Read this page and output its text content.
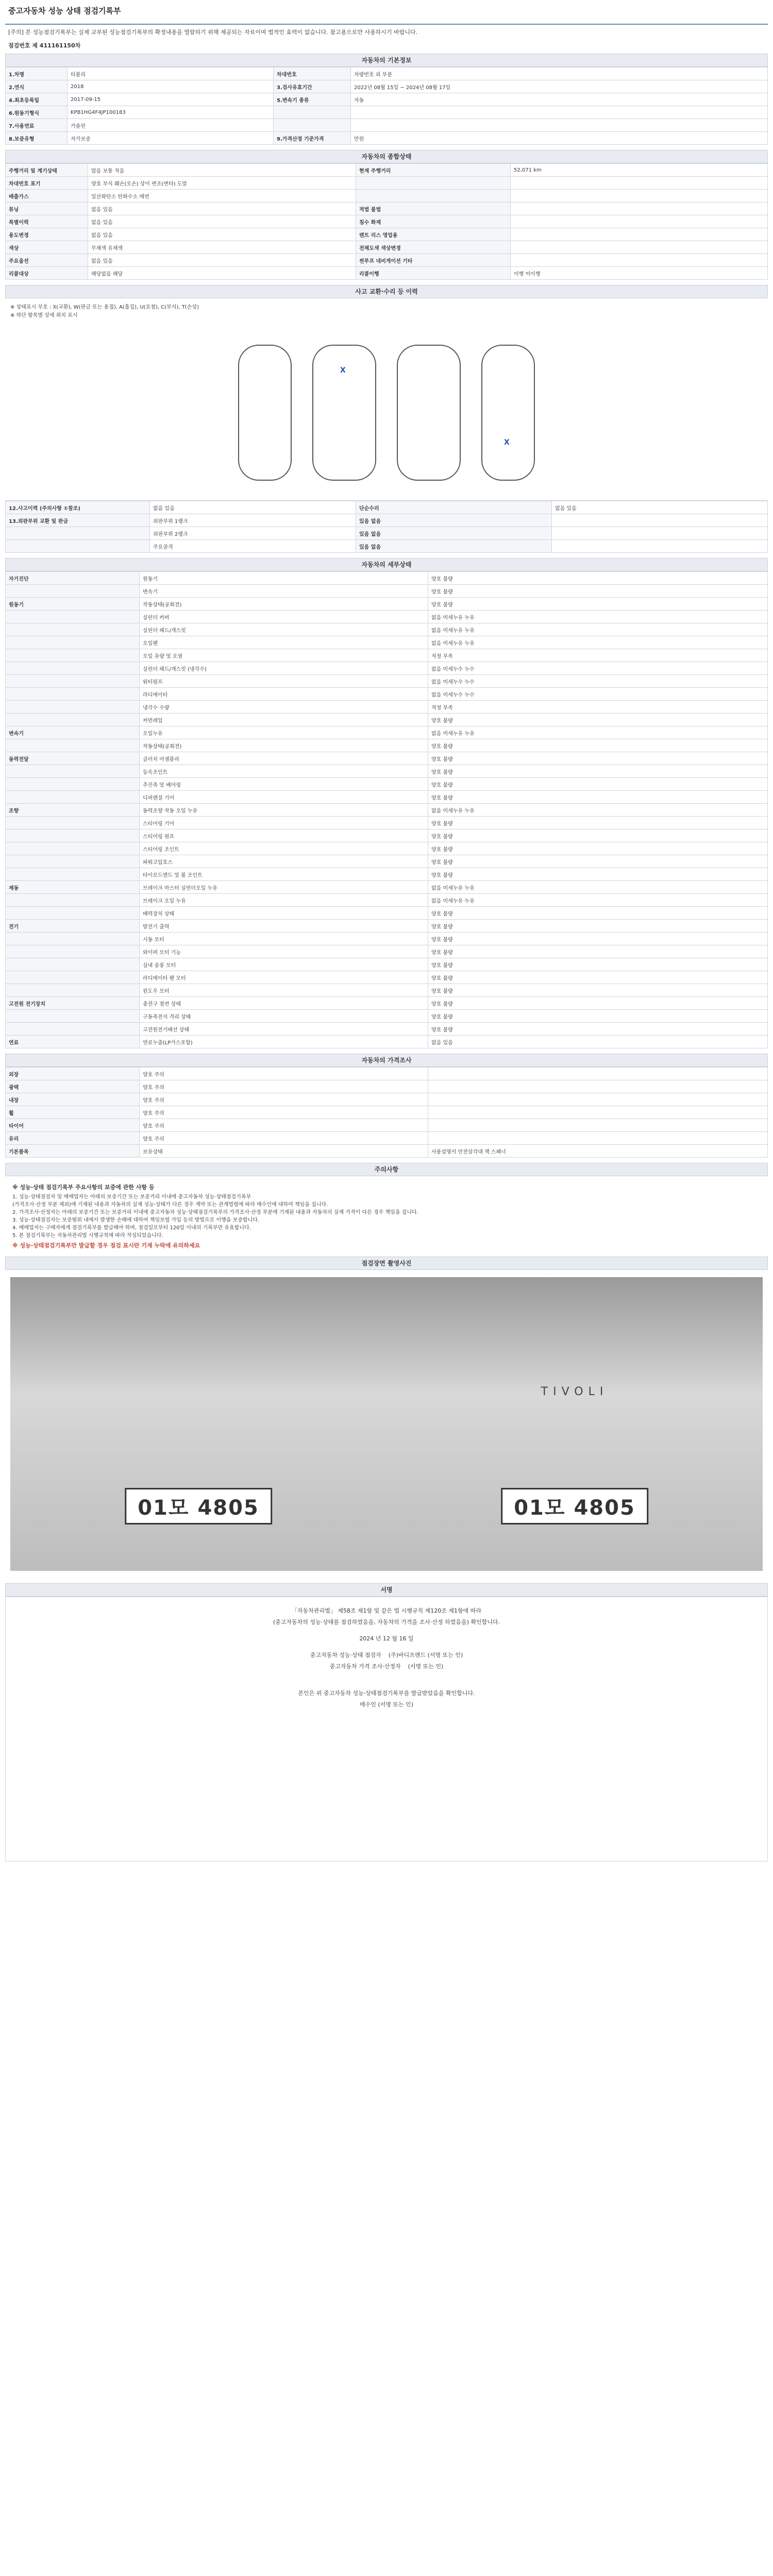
중고자동차 성능 상태 점검기록부
[주의] 본 성능점검기록부는 실제 교부된 성능점검기록부의 확정내용을 열람하기 위해 제공되는 자료이며 법적인 효력이 없습니다. 참고용으로만 사용하시기 바랍니다.
점검번호 제 411161150차
자동차의 기본정보
1.차명	티볼리	차대번호	차량번호 외 부분
2.연식	2018	3.검사유효기간	2022년 08월 15일 ~ 2024년 08월 17일
4.최초등록일	2017-09-15	5.변속기 종류	자동
6.원동기형식	KPB1HG4F4JP100183		
7.사용연료	가솔린		
8.보증유형	자가보증	9.가격산정 기준가격	만원
자동차의 종합상태
주행거리 및 계기상태	많음 보통 적음	현재 주행거리	52,071 km
차대번호 표기	양호 부식 훼손(오손) 상이 변조(변타) 도말		
배출가스	일산화탄소 탄화수소 매연		
튜닝	없음 있음	적법 불법	
특별이력	없음 있음	침수 화재	
용도변경	없음 있음	렌트 리스 영업용	
색상	무채색 유채색	전체도색 색상변경	
주요옵션	없음 있음	썬루프 네비게이션 기타	
리콜대상	해당없음 해당	리콜이행	이행 미이행
사고 교환·수리 등 이력
※ 상태표시 부호 : X(교환), W(판금 또는 용접), A(흠집), U(요철), C(부식), T(손상)
※ 하단 항목별 상세 위치 표시
X
X
12.사고이력 (주의사항 ①참조)	없음 있음	단순수리	없음 있음
13.외판부위 교환 및 판금	외판부위 1랭크	있음 없음	
	외판부위 2랭크	있음 없음	
	주요골격	있음 없음	
자동차의 세부상태
자기진단	원동기	양호 불량
	변속기	양호 불량
원동기	작동상태(공회전)	양호 불량
	실린더 커버	없음 미세누유 누유
	실린더 헤드/개스킷	없음 미세누유 누유
	오일팬	없음 미세누유 누유
	오일 유량 및 오염	적정 부족
	실린더 헤드/개스킷 (냉각수)	없음 미세누수 누수
	워터펌프	없음 미세누수 누수
	라디에이터	없음 미세누수 누수
	냉각수 수량	적정 부족
	커먼레일	양호 불량
변속기	오일누유	없음 미세누유 누유
	작동상태(공회전)	양호 불량
동력전달	클러치 어셈블리	양호 불량
	등속조인트	양호 불량
	추진축 및 베어링	양호 불량
	디퍼렌셜 기어	양호 불량
조향	동력조향 작동 오일 누유	없음 미세누유 누유
	스티어링 기어	양호 불량
	스티어링 펌프	양호 불량
	스티어링 조인트	양호 불량
	파워고압호스	양호 불량
	타이로드엔드 및 볼 조인트	양호 불량
제동	브레이크 마스터 실린더오일 누유	없음 미세누유 누유
	브레이크 오일 누유	없음 미세누유 누유
	배력장치 상태	양호 불량
전기	발전기 출력	양호 불량
	시동 모터	양호 불량
	와이퍼 모터 기능	양호 불량
	실내 송풍 모터	양호 불량
	라디에이터 팬 모터	양호 불량
	윈도우 모터	양호 불량
고전원 전기장치	충전구 절연 상태	양호 불량
	구동축전지 격리 상태	양호 불량
	고전원전기배선 상태	양호 불량
연료	연료누출(LP가스포함)	없음 있음
자동차의 가격조사
외장	양호 주의	
광택	양호 주의	
내장	양호 주의	
휠	양호 주의	
타이어	양호 주의	
유리	양호 주의	
기본품목	보유상태	사용설명서 안전삼각대 잭 스패너
주의사항
※ 성능·상태 점검기록부 주요사항의 보증에 관한 사항 등
1. 성능·상태점검자 및 매매업자는 아래의 보증기간 또는 보증거리 이내에 중고자동차 성능·상태점검기록부
(가격조사·산정 부분 제외)에 기재된 내용과 자동차의 실제 성능·상태가 다른 경우 계약 또는 관계법령에 따라 매수인에 대하여 책임을 집니다.
2. 가격조사·산정자는 아래의 보증기간 또는 보증거리 이내에 중고자동차 성능·상태점검기록부의 가격조사·산정 부분에 기재된 내용과 자동차의 실제 가격이 다른 경우 책임을 집니다.
3. 성능·상태점검자는 보증범위 내에서 발생한 손해에 대하여 책임보험 가입 등의 방법으로 이행을 보증합니다.
4. 매매업자는 구매자에게 점검기록부를 발급해야 하며, 점검일로부터 120일 이내의 기록부만 유효합니다.
5. 본 점검기록부는 자동차관리법 시행규칙에 따라 작성되었습니다.
※ 성능·상태점검기록부만 발급할 경우 점검 표시란 기재 누락에 유의하세요
점검장면 촬영사진
01모 4805
TIVOLI
01모 4805
서명
「자동차관리법」 제58조 제1항 및 같은 법 시행규칙 제120조 제1항에 따라
(중고자동차의 성능·상태를 점검하였음을, 자동차의 가격을 조사·산정 하였음을) 확인합니다.
2024 년 12 월 16 일
중고자동차 성능·상태 점검자 (주)바디프렌드 (서명 또는 인)
중고자동차 가격 조사·산정자 (서명 또는 인)
본인은 위 중고자동차 성능·상태점검기록부를 발급받았음을 확인합니다.
매수인 (서명 또는 인)
